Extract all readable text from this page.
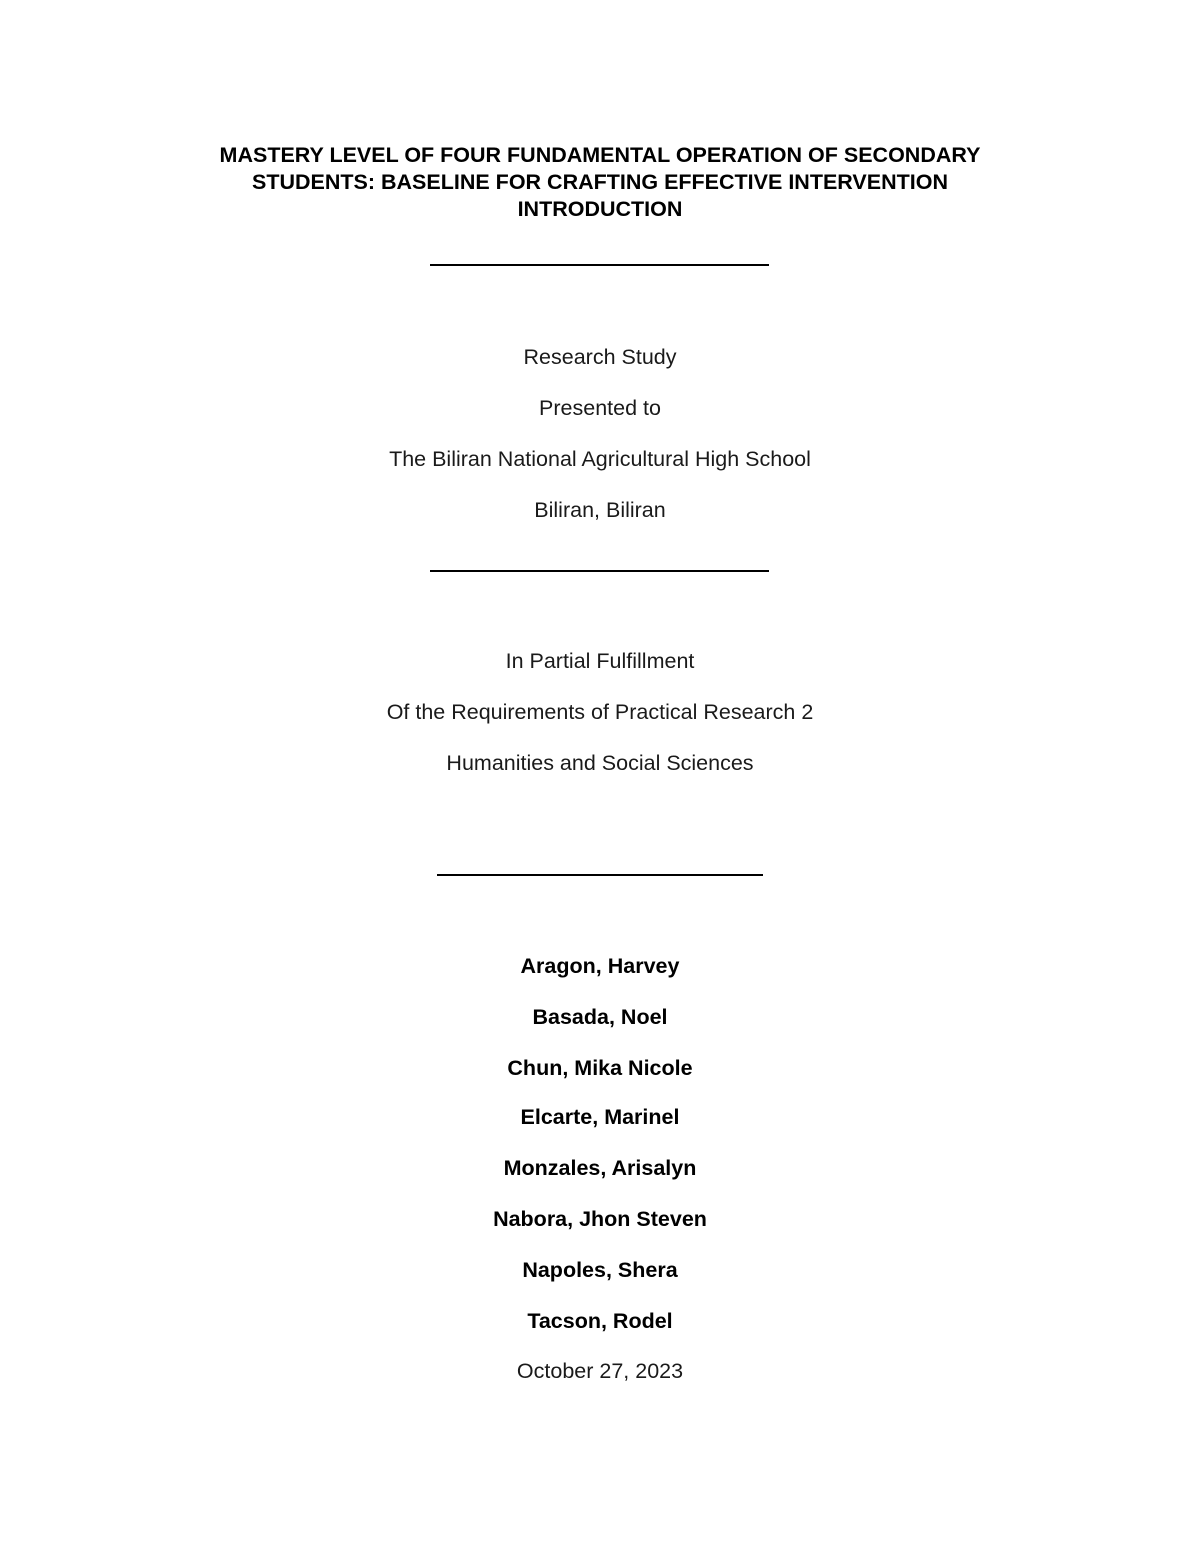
MASTERY LEVEL OF FOUR FUNDAMENTAL OPERATION OF SECONDARY
STUDENTS: BASELINE FOR CRAFTING EFFECTIVE INTERVENTION
INTRODUCTION
Research Study
Presented to
The Biliran National Agricultural High School
Biliran, Biliran
In Partial Fulfillment
Of the Requirements of Practical Research 2
Humanities and Social Sciences
Aragon, Harvey
Basada, Noel
Chun, Mika Nicole
Elcarte, Marinel
Monzales, Arisalyn
Nabora, Jhon Steven
Napoles, Shera
Tacson, Rodel
October 27, 2023
